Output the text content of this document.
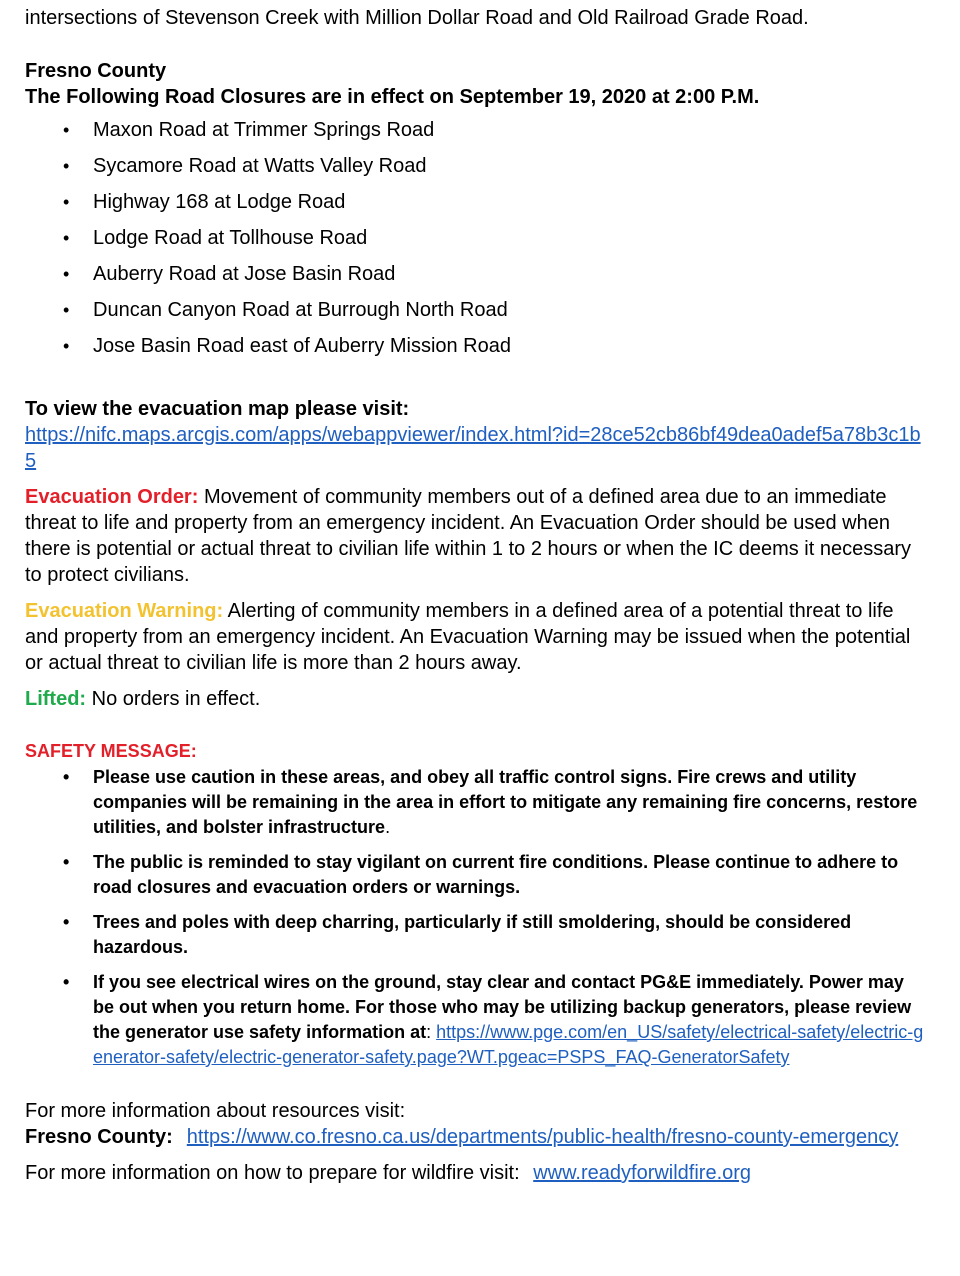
intersections of Stevenson Creek with Million Dollar Road and Old Railroad Grade Road.

Fresno County

The Following Road Closures are in effect on September 19, 2020 at 2:00 P.M.

• Maxon Road at Trimmer Springs Road
• Sycamore Road at Watts Valley Road
• Highway 168 at Lodge Road
• Lodge Road at Tollhouse Road
• Auberry Road at Jose Basin Road
• Duncan Canyon Road at Burrough North Road
• Jose Basin Road east of Auberry Mission Road

To view the evacuation map please visit:

https://nifc.maps.arcgis.com/apps/webappviewer/index.html?id=28ce52cb86bf49dea0adef5a78b3c1b5

Evacuation Order: Movement of community members out of a defined area due to an immediate threat to life and property from an emergency incident. An Evacuation Order should be used when there is potential or actual threat to civilian life within 1 to 2 hours or when the IC deems it necessary to protect civilians.

Evacuation Warning: Alerting of community members in a defined area of a potential threat to life and property from an emergency incident. An Evacuation Warning may be issued when the potential or actual threat to civilian life is more than 2 hours away.

Lifted: No orders in effect.

SAFETY MESSAGE:

• Please use caution in these areas, and obey all traffic control signs. Fire crews and utility companies will be remaining in the area in effort to mitigate any remaining fire concerns, restore utilities, and bolster infrastructure.
• The public is reminded to stay vigilant on current fire conditions. Please continue to adhere to road closures and evacuation orders or warnings.
• Trees and poles with deep charring, particularly if still smoldering, should be considered hazardous.
• If you see electrical wires on the ground, stay clear and contact PG&E immediately. Power may be out when you return home. For those who may be utilizing backup generators, please review the generator use safety information at: https://www.pge.com/en_US/safety/electrical-safety/electric-generator-safety/electric-generator-safety.page?WT.pgeac=PSPS_FAQ-GeneratorSafety

For more information about resources visit:

Fresno County: https://www.co.fresno.ca.us/departments/public-health/fresno-county-emergency

For more information on how to prepare for wildfire visit: www.readyforwildfire.org
